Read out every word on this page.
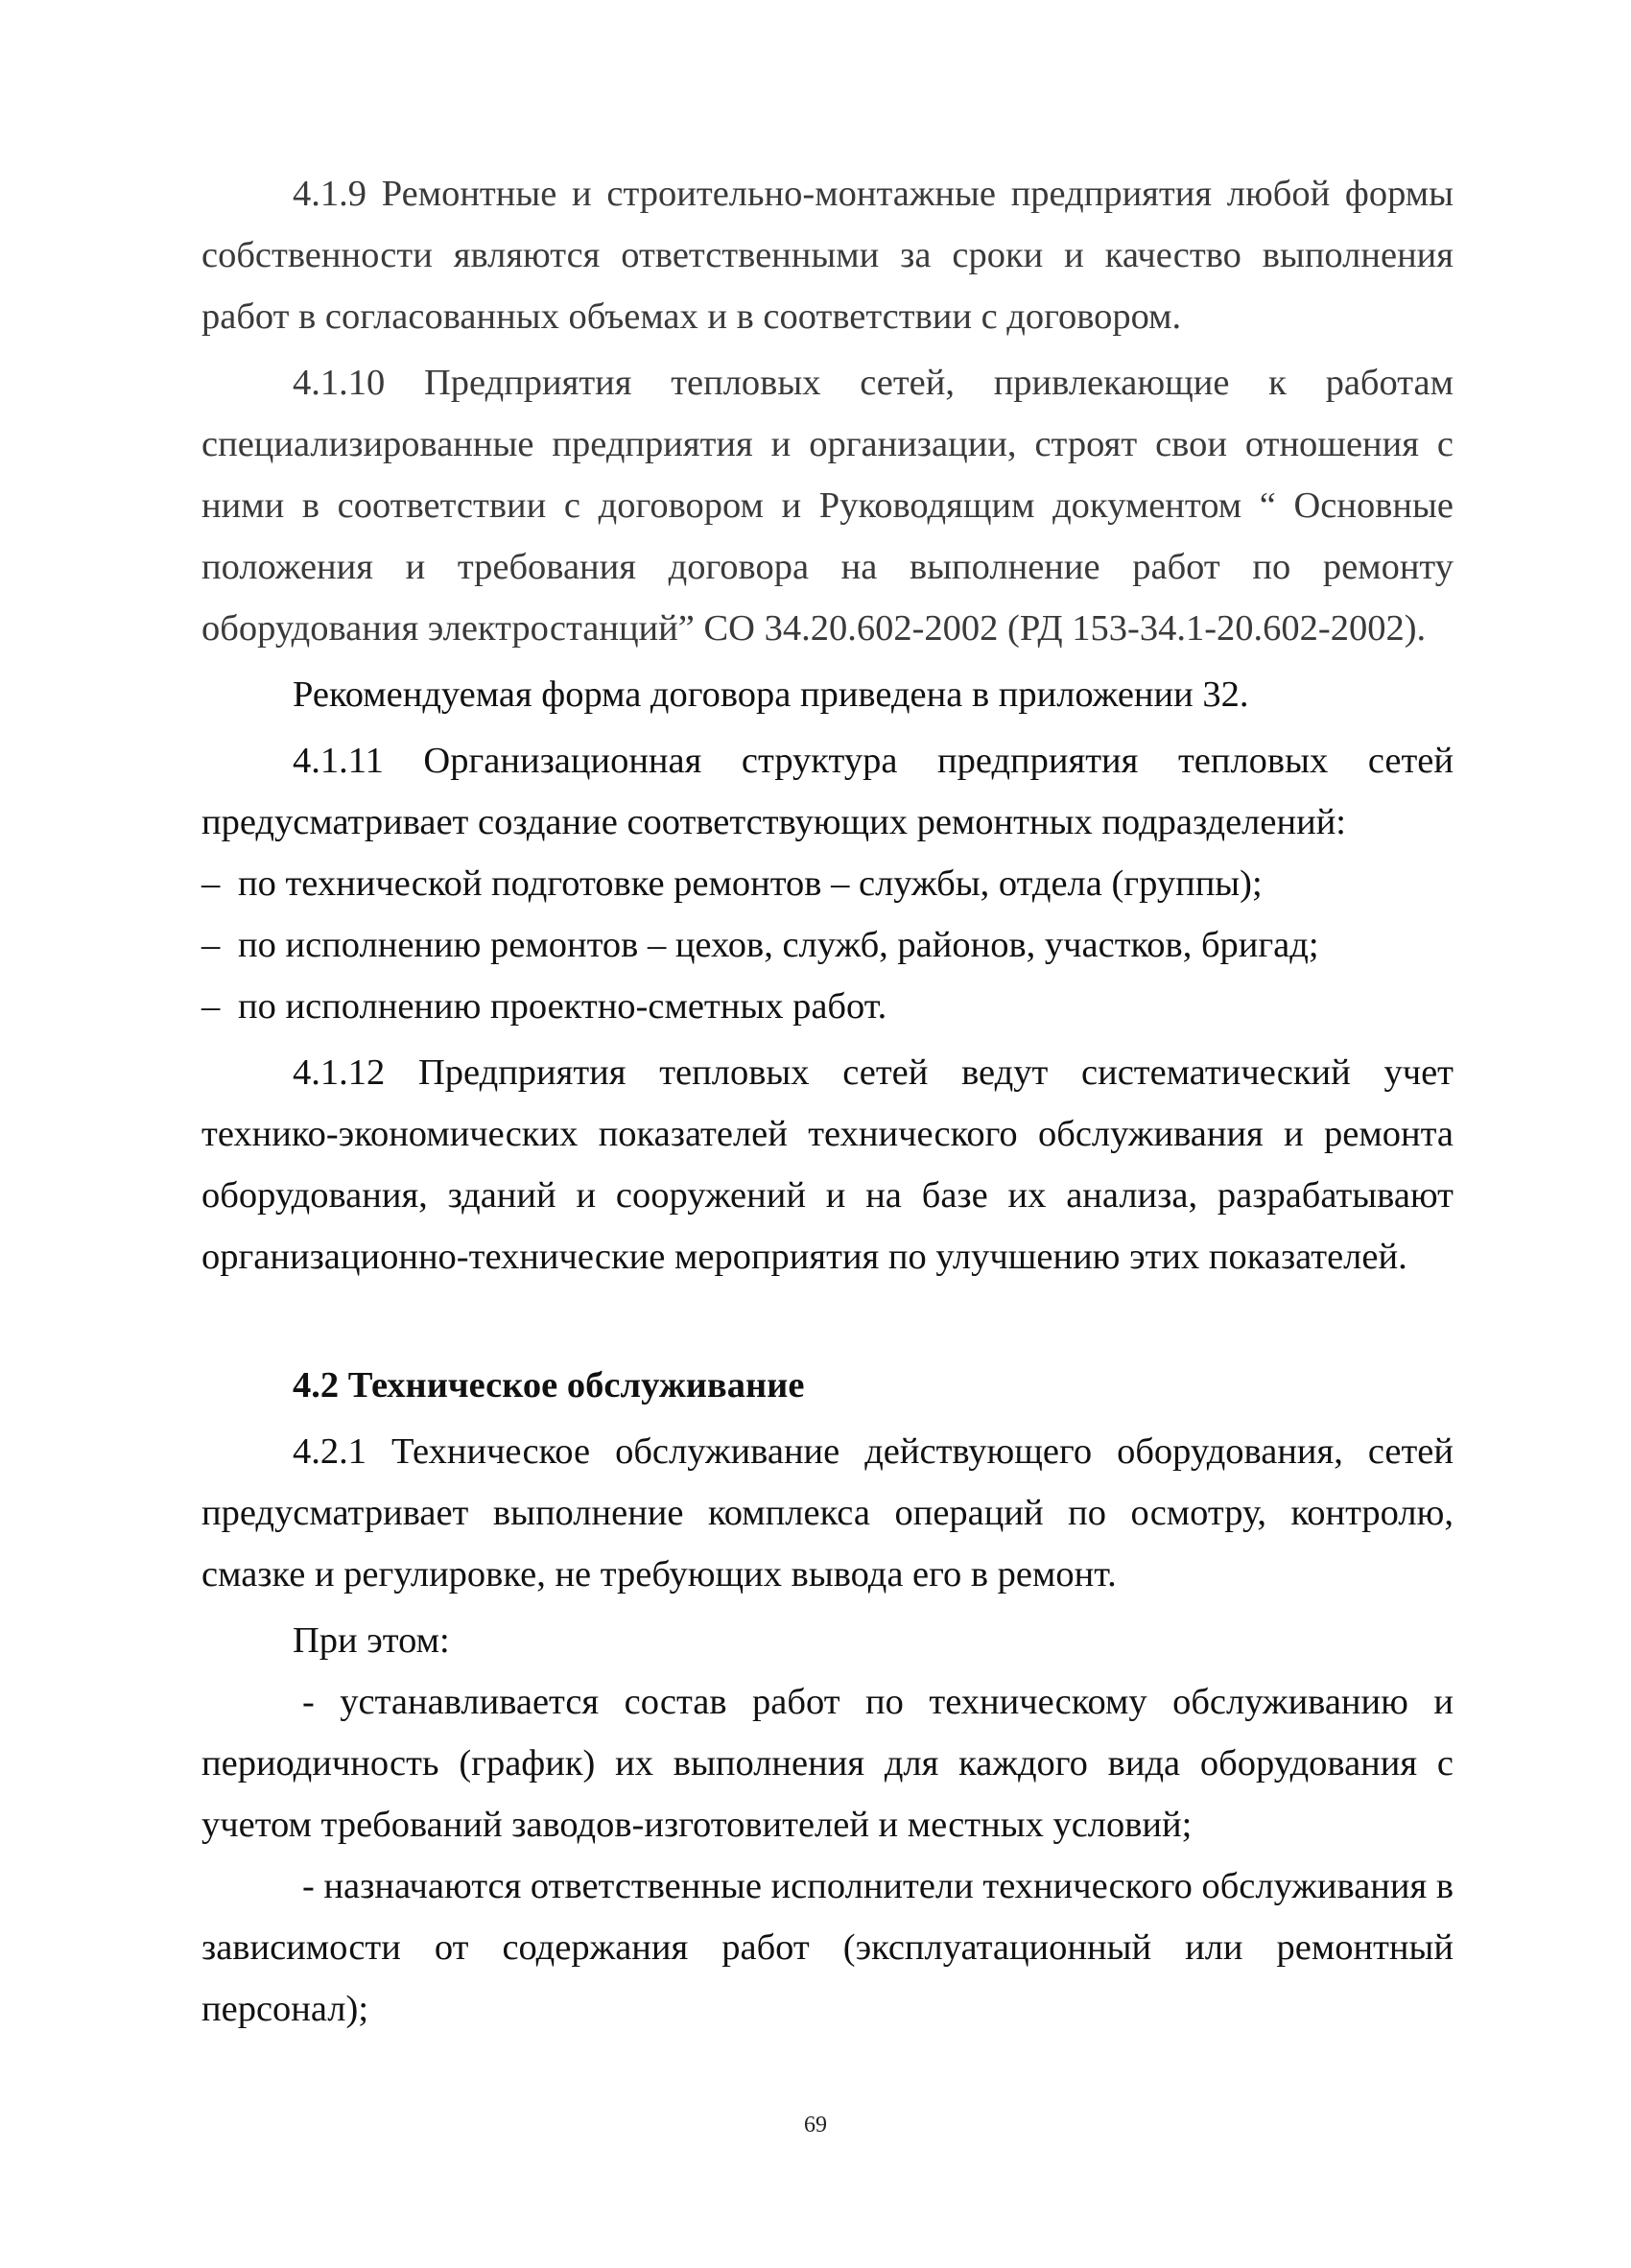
4.1.9 Ремонтные и строительно-монтажные предприятия любой формы собственности являются ответственными за сроки и качество выполнения работ в согласованных объемах и в соответствии с договором.

4.1.10 Предприятия тепловых сетей, привлекающие к работам специализированные предприятия и организации, строят свои отношения с ними в соответствии с договором и Руководящим документом “ Основные положения и требования договора на выполнение работ по ремонту оборудования электростанций” СО 34.20.602-2002 (РД 153-34.1-20.602-2002).

Рекомендуемая форма договора приведена в приложении 32.

4.1.11 Организационная структура предприятия тепловых сетей предусматривает создание соответствующих ремонтных подразделений:

– по технической подготовке ремонтов – службы, отдела (группы);

– по исполнению ремонтов – цехов, служб, районов, участков, бригад;

– по исполнению проектно-сметных работ.

4.1.12 Предприятия тепловых сетей ведут систематический учет технико-экономических показателей технического обслуживания и ремонта оборудования, зданий и сооружений и на базе их анализа, разрабатывают организационно-технические мероприятия по улучшению этих показателей.

4.2 Техническое обслуживание

4.2.1 Техническое обслуживание действующего оборудования, сетей предусматривает выполнение комплекса операций по осмотру, контролю, смазке и регулировке, не требующих вывода его в ремонт.

При этом:

- устанавливается состав работ по техническому обслуживанию и периодичность (график) их выполнения для каждого вида оборудования с учетом требований заводов-изготовителей и местных условий;

- назначаются ответственные исполнители технического обслуживания в зависимости от содержания работ (эксплуатационный или ремонтный персонал);

69
